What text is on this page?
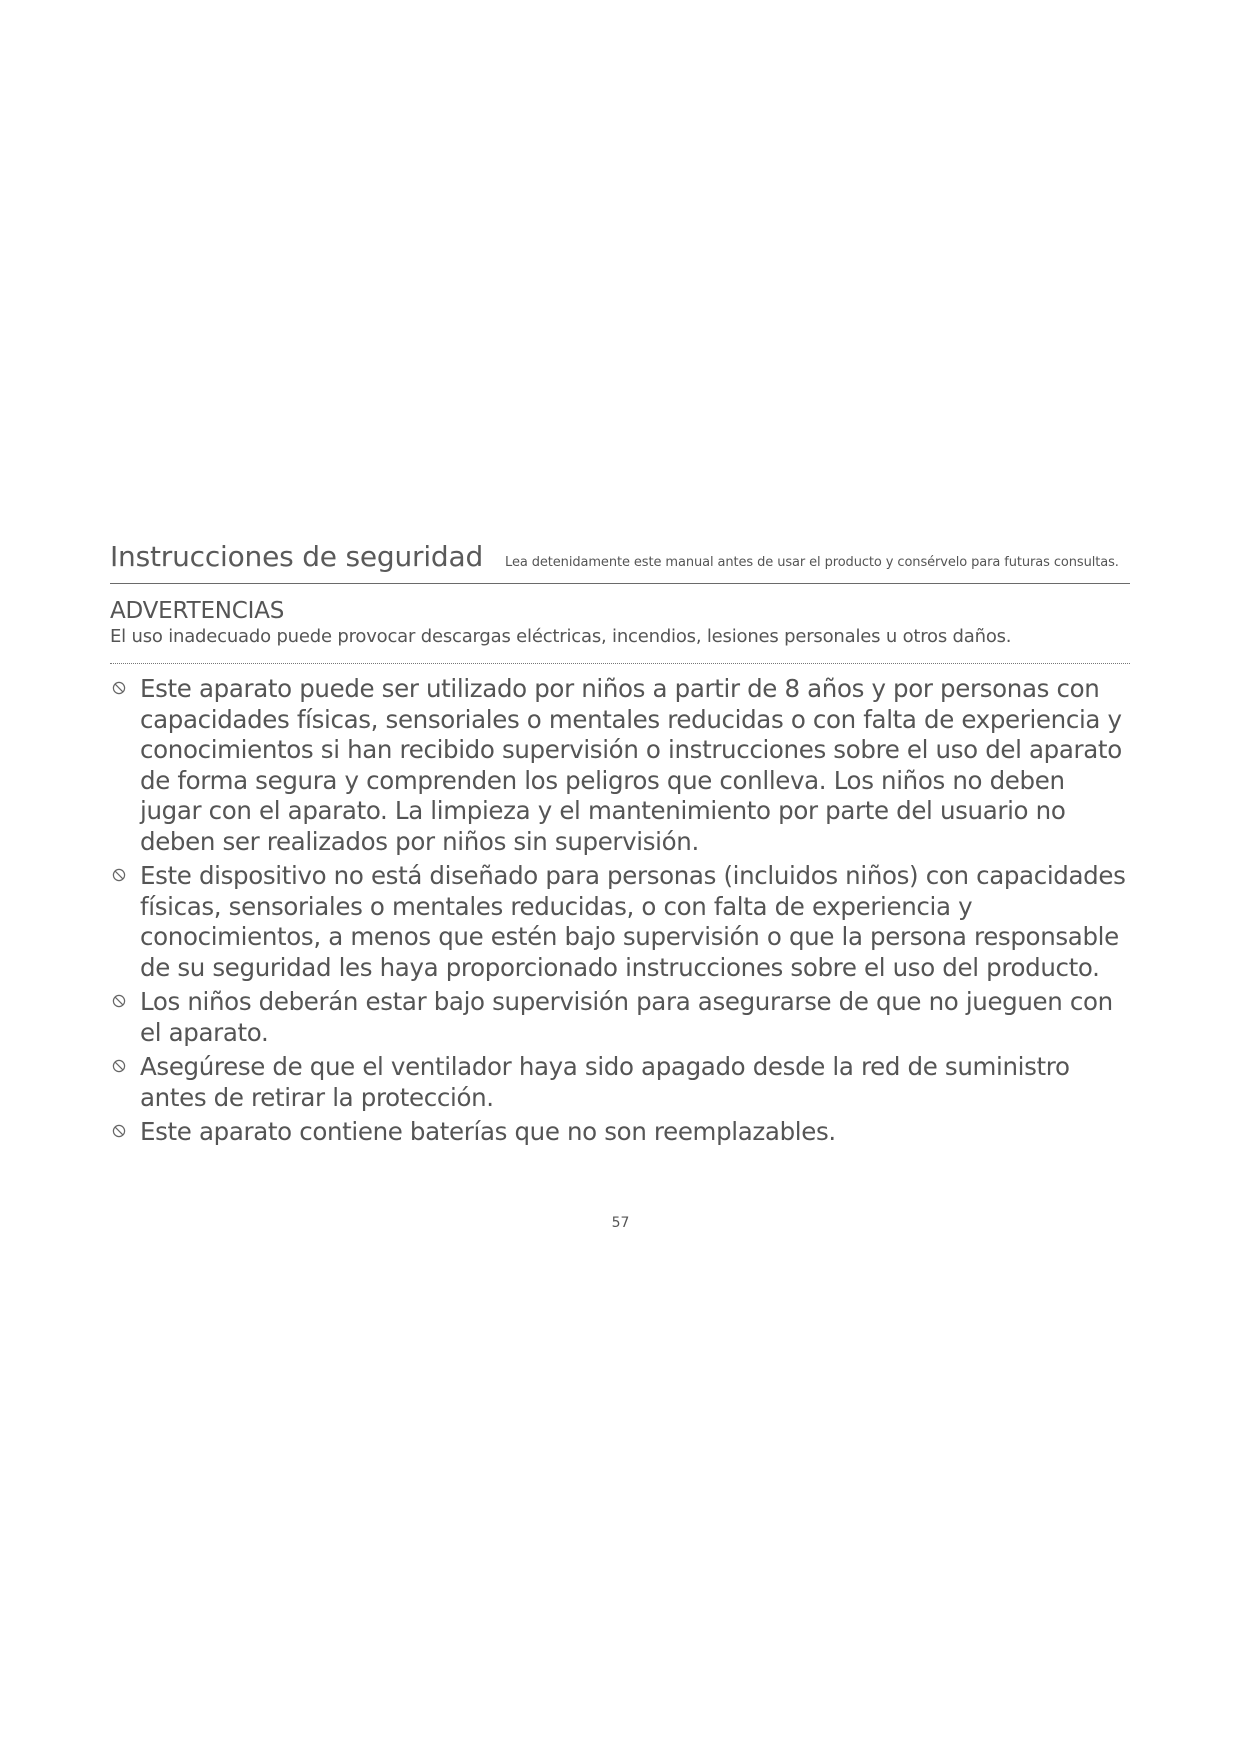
Instrucciones de seguridad Lea detenidamente este manual antes de usar el producto y consérvelo para futuras consultas.
ADVERTENCIAS

El uso inadecuado puede provocar descargas eléctricas, incendios, lesiones personales u otros daños.

Este aparato puede ser utilizado por niños a partir de 8 años y por personas con capacidades físicas, sensoriales o mentales reducidas o con falta de experiencia y conocimientos si han recibido supervisión o instrucciones sobre el uso del aparato de forma segura y comprenden los peligros que conlleva. Los niños no deben jugar con el aparato. La limpieza y el mantenimiento por parte del usuario no deben ser realizados por niños sin supervisión.
Este dispositivo no está diseñado para personas (incluidos niños) con capacidades físicas, sensoriales o mentales reducidas, o con falta de experiencia y conocimientos, a menos que estén bajo supervisión o que la persona responsable de su seguridad les haya proporcionado instrucciones sobre el uso del producto.
Los niños deberán estar bajo supervisión para asegurarse de que no jueguen con el aparato.
Asegúrese de que el ventilador haya sido apagado desde la red de suministro antes de retirar la protección.
Este aparato contiene baterías que no son reemplazables.
57
